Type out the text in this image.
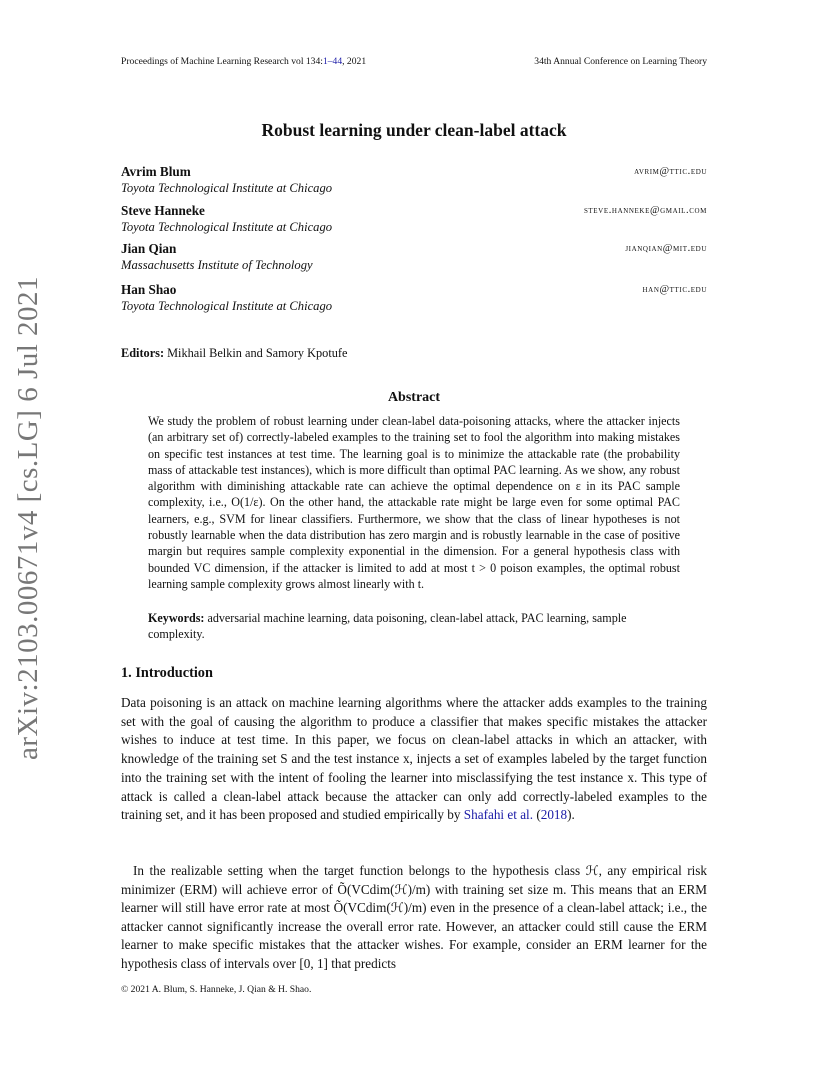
Proceedings of Machine Learning Research vol 134:1–44, 2021	34th Annual Conference on Learning Theory
arXiv:2103.00671v4 [cs.LG] 6 Jul 2021
Robust learning under clean-label attack
Avrim Blum
Toyota Technological Institute at Chicago
avrim@ttic.edu
Steve Hanneke
Toyota Technological Institute at Chicago
steve.hanneke@gmail.com
Jian Qian
Massachusetts Institute of Technology
jianqian@mit.edu
Han Shao
Toyota Technological Institute at Chicago
han@ttic.edu
Editors: Mikhail Belkin and Samory Kpotufe
Abstract
We study the problem of robust learning under clean-label data-poisoning attacks, where the attacker injects (an arbitrary set of) correctly-labeled examples to the training set to fool the algorithm into making mistakes on specific test instances at test time. The learning goal is to minimize the attackable rate (the probability mass of attackable test instances), which is more difficult than optimal PAC learning. As we show, any robust algorithm with diminishing attackable rate can achieve the optimal dependence on ε in its PAC sample complexity, i.e., O(1/ε). On the other hand, the attackable rate might be large even for some optimal PAC learners, e.g., SVM for linear classifiers. Furthermore, we show that the class of linear hypotheses is not robustly learnable when the data distribution has zero margin and is robustly learnable in the case of positive margin but requires sample complexity exponential in the dimension. For a general hypothesis class with bounded VC dimension, if the attacker is limited to add at most t > 0 poison examples, the optimal robust learning sample complexity grows almost linearly with t.
Keywords: adversarial machine learning, data poisoning, clean-label attack, PAC learning, sample complexity.
1. Introduction
Data poisoning is an attack on machine learning algorithms where the attacker adds examples to the training set with the goal of causing the algorithm to produce a classifier that makes specific mistakes the attacker wishes to induce at test time. In this paper, we focus on clean-label attacks in which an attacker, with knowledge of the training set S and the test instance x, injects a set of examples labeled by the target function into the training set with the intent of fooling the learner into misclassifying the test instance x. This type of attack is called a clean-label attack because the attacker can only add correctly-labeled examples to the training set, and it has been proposed and studied empirically by Shafahi et al. (2018).
In the realizable setting when the target function belongs to the hypothesis class ℋ, any empirical risk minimizer (ERM) will achieve error of Õ(VCdim(ℋ)/m) with training set size m. This means that an ERM learner will still have error rate at most Õ(VCdim(ℋ)/m) even in the presence of a clean-label attack; i.e., the attacker cannot significantly increase the overall error rate. However, an attacker could still cause the ERM learner to make specific mistakes that the attacker wishes. For example, consider an ERM learner for the hypothesis class of intervals over [0, 1] that predicts
© 2021 A. Blum, S. Hanneke, J. Qian & H. Shao.
